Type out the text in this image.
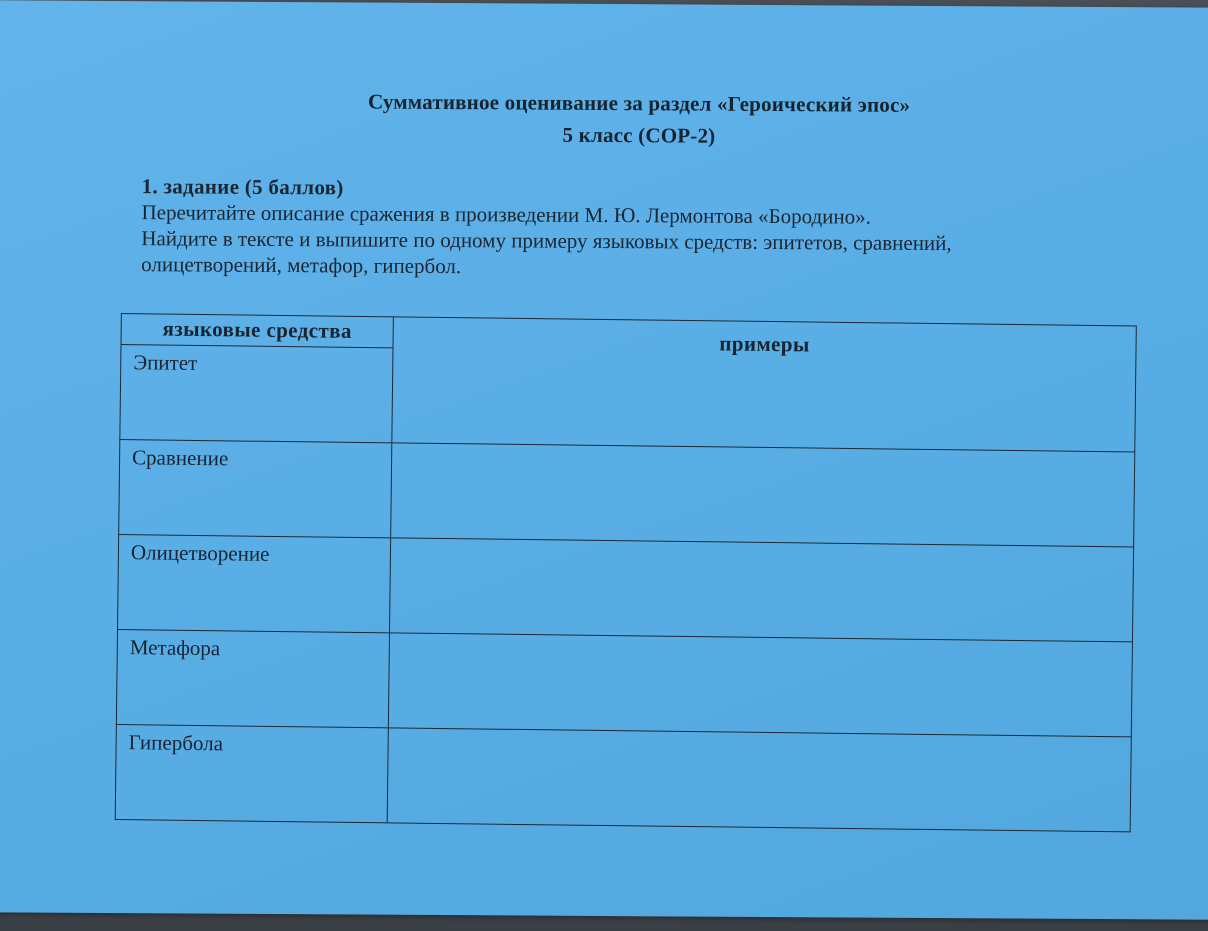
Суммативное оценивание за раздел «Героический эпос»
5 класс (СОР-2)
1. задание (5 баллов)
Перечитайте описание сражения в произведении М. Ю. Лермонтова «Бородино».
Найдите в тексте и выпишите по одному примеру языковых средств: эпитетов, сравнений,
олицетворений, метафор, гипербол.
языковые средства	примеры
Эпитет	
Сравнение	
Олицетворение	
Метафора	
Гипербола	
